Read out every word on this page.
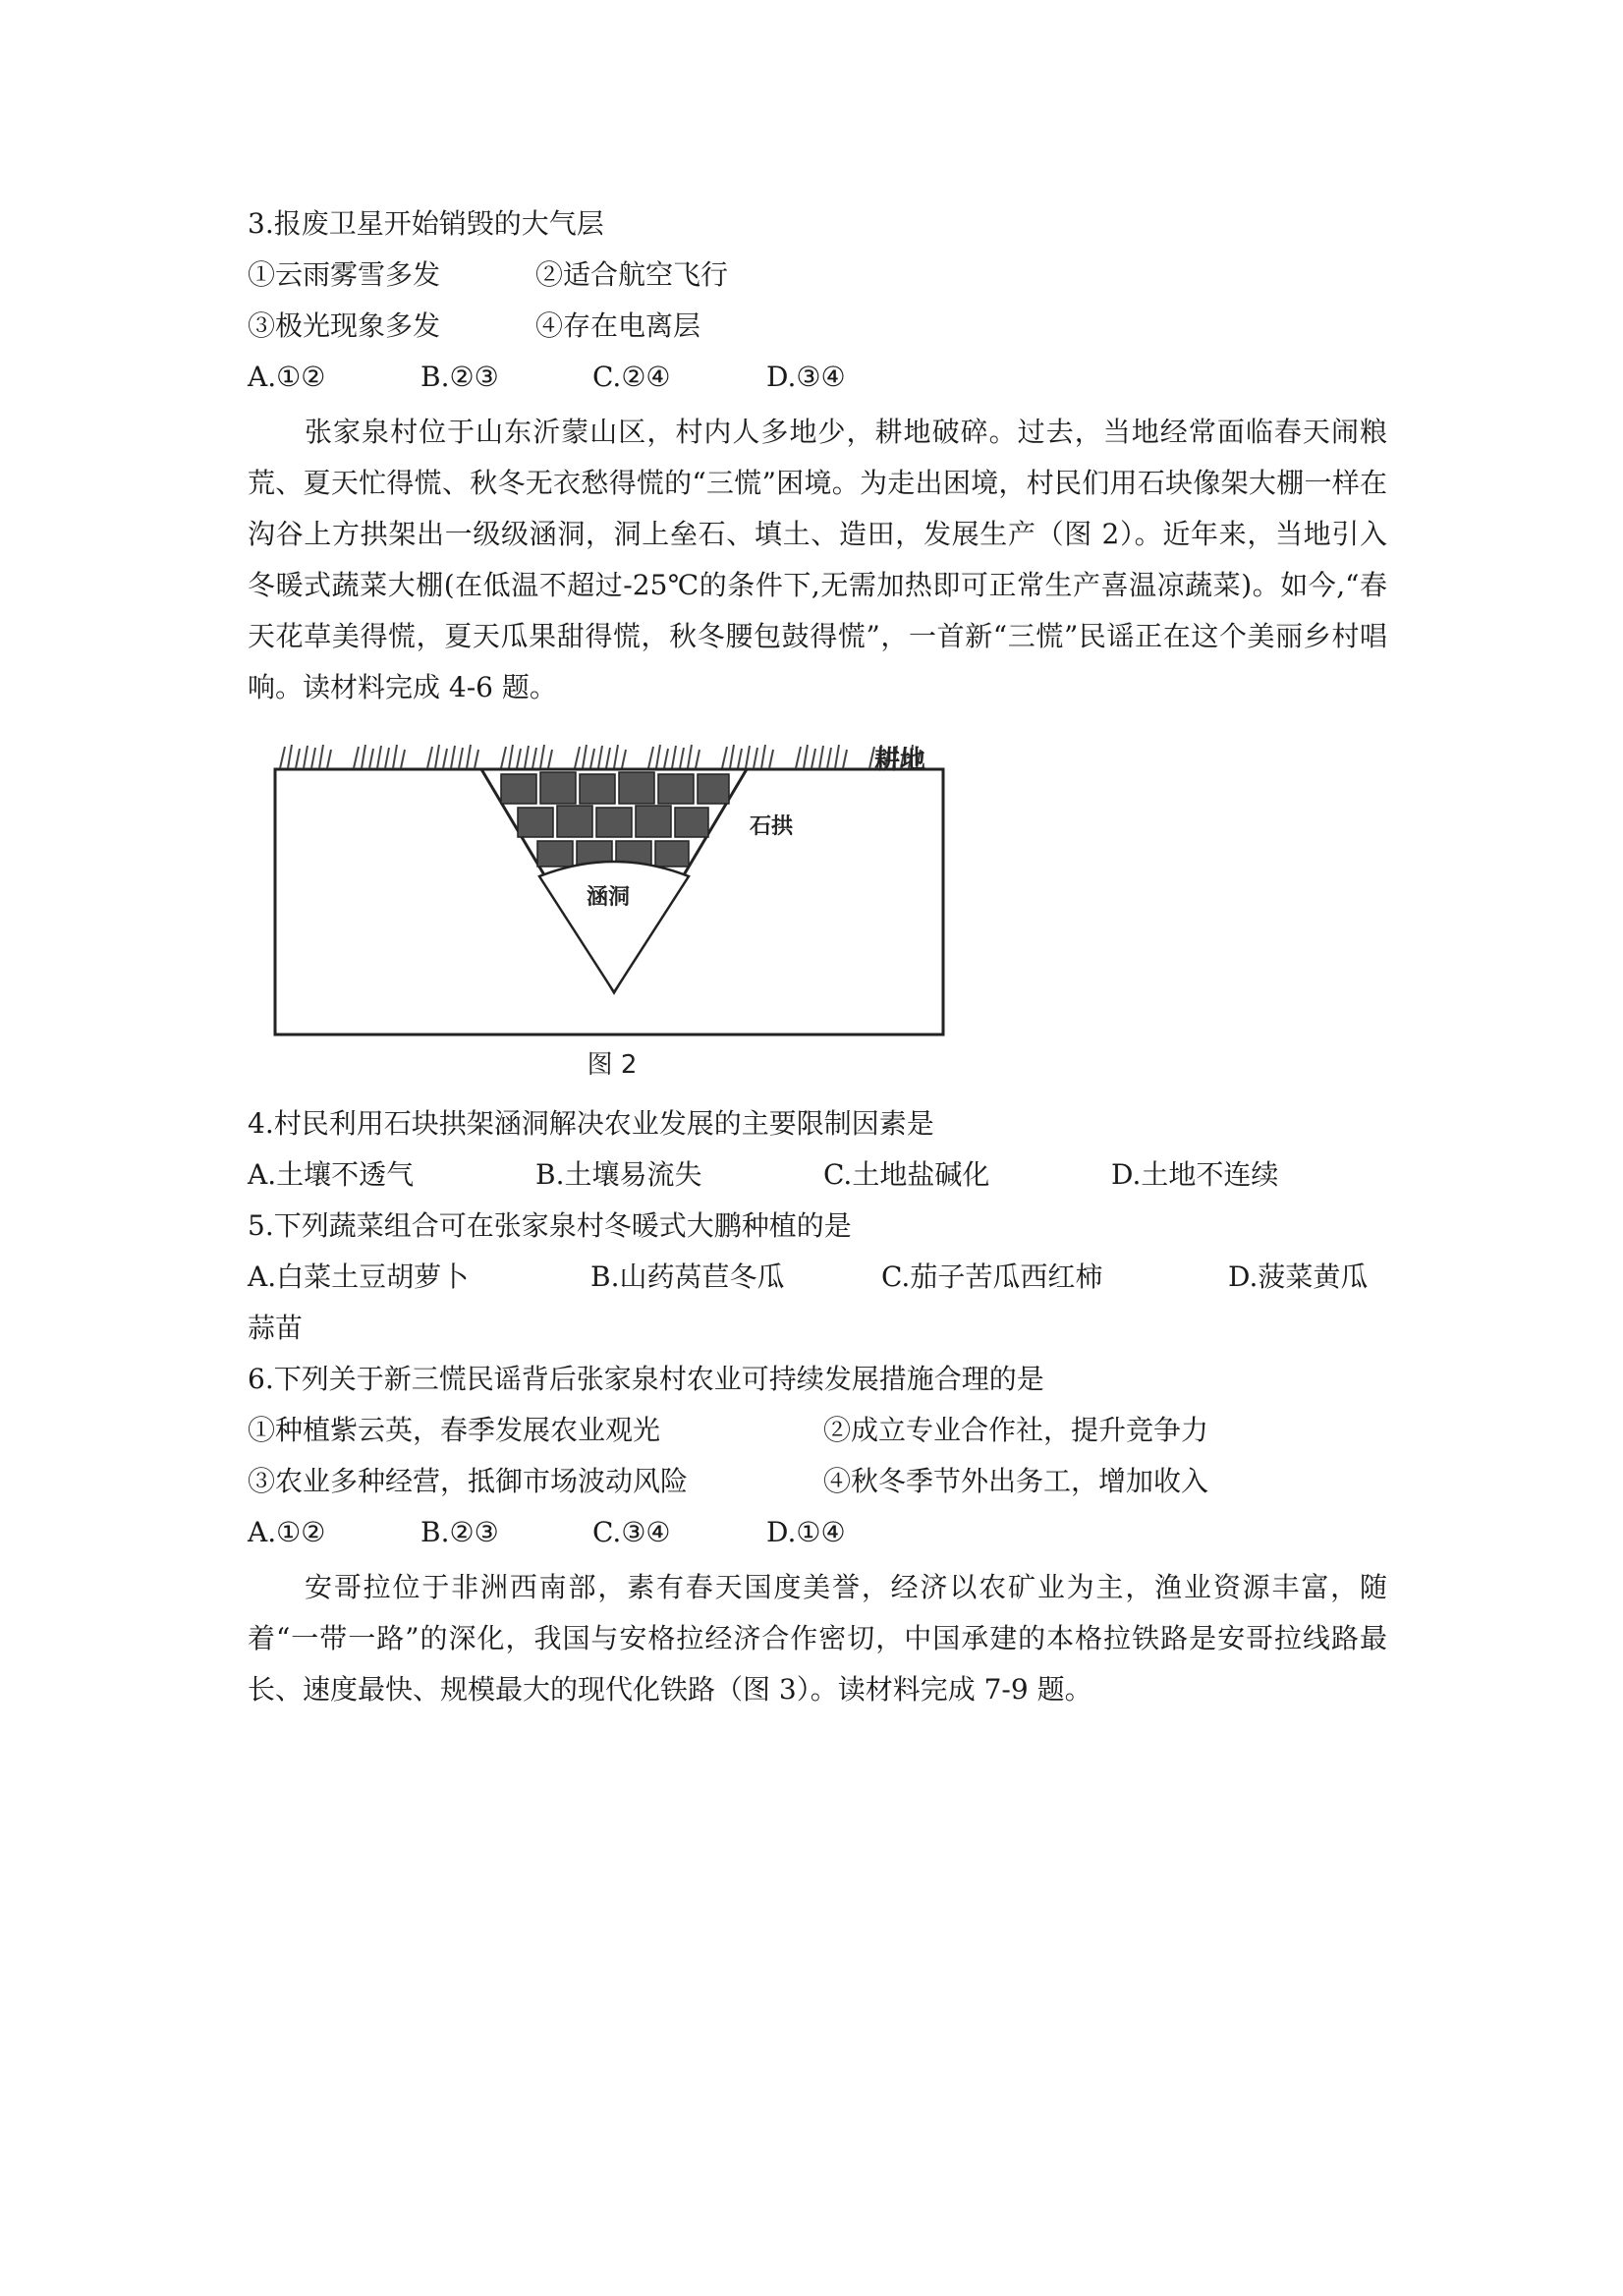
3.报废卫星开始销毁的大气层
①云雨雾雪多发	②适合航空飞行
③极光现象多发	④存在电离层
A.①②	B.②③	C.②④	D.③④
张家泉村位于山东沂蒙山区，村内人多地少，耕地破碎。过去，当地经常面临春天闹粮荒、夏天忙得慌、秋冬无衣愁得慌的“三慌”困境。为走出困境，村民们用石块像架大棚一样在沟谷上方拱架出一级级涵洞，洞上垒石、填土、造田，发展生产（图 2）。近年来，当地引入冬暖式蔬菜大棚(在低温不超过-25℃的条件下,无需加热即可正常生产喜温凉蔬菜)。如今,“春天花草美得慌，夏天瓜果甜得慌，秋冬腰包鼓得慌”，一首新“三慌”民谣正在这个美丽乡村唱响。读材料完成 4-6 题。
耕地
石拱
涵洞
图 2
4.村民利用石块拱架涵洞解决农业发展的主要限制因素是
A.土壤不透气	B.土壤易流失	C.土地盐碱化	D.土地不连续
5.下列蔬菜组合可在张家泉村冬暖式大鹏种植的是
A.白菜土豆胡萝卜	B.山药莴苣冬瓜	C.茄子苦瓜西红柿	D.菠菜黄瓜
蒜苗
6.下列关于新三慌民谣背后张家泉村农业可持续发展措施合理的是
①种植紫云英，春季发展农业观光	②成立专业合作社，提升竞争力
③农业多种经营，抵御市场波动风险	④秋冬季节外出务工，增加收入
A.①②	B.②③	C.③④	D.①④
安哥拉位于非洲西南部，素有春天国度美誉，经济以农矿业为主，渔业资源丰富，随着“一带一路”的深化，我国与安格拉经济合作密切，中国承建的本格拉铁路是安哥拉线路最长、速度最快、规模最大的现代化铁路（图 3）。读材料完成 7-9 题。
